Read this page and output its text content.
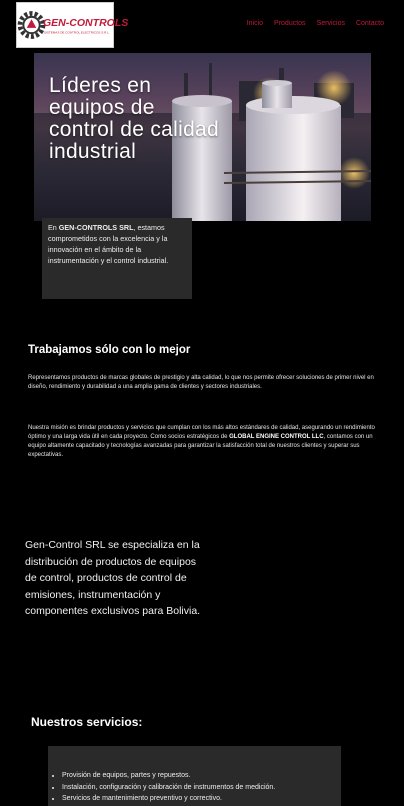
GEN-CONTROLS
SISTEMAS DE CONTROL ELECTRICOS S.R.L.
Inicio Productos Servicios Contacto
Líderes en equipos de control de calidad industrial
En GEN-CONTROLS SRL, estamos comprometidos con la excelencia y la innovación en el ámbito de la instrumentación y el control industrial.
Trabajamos sólo con lo mejor
Representamos productos de marcas globales de prestigio y alta calidad, lo que nos permite ofrecer soluciones de primer nivel en diseño, rendimiento y durabilidad a una amplia gama de clientes y sectores industriales.
Nuestra misión es brindar productos y servicios que cumplan con los más altos estándares de calidad, asegurando un rendimiento óptimo y una larga vida útil en cada proyecto. Como socios estratégicos de GLOBAL ENGINE CONTROL LLC, contamos con un equipo altamente capacitado y tecnologías avanzadas para garantizar la satisfacción total de nuestros clientes y superar sus expectativas.
Gen-Control SRL se especializa en la distribución de productos de equipos de control, productos de control de emisiones, instrumentación y componentes exclusivos para Bolivia.
Nuestros servicios:
• Provisión de equipos, partes y repuestos.
• Instalación, configuración y calibración de instrumentos de medición.
• Servicios de mantenimiento preventivo y correctivo.
